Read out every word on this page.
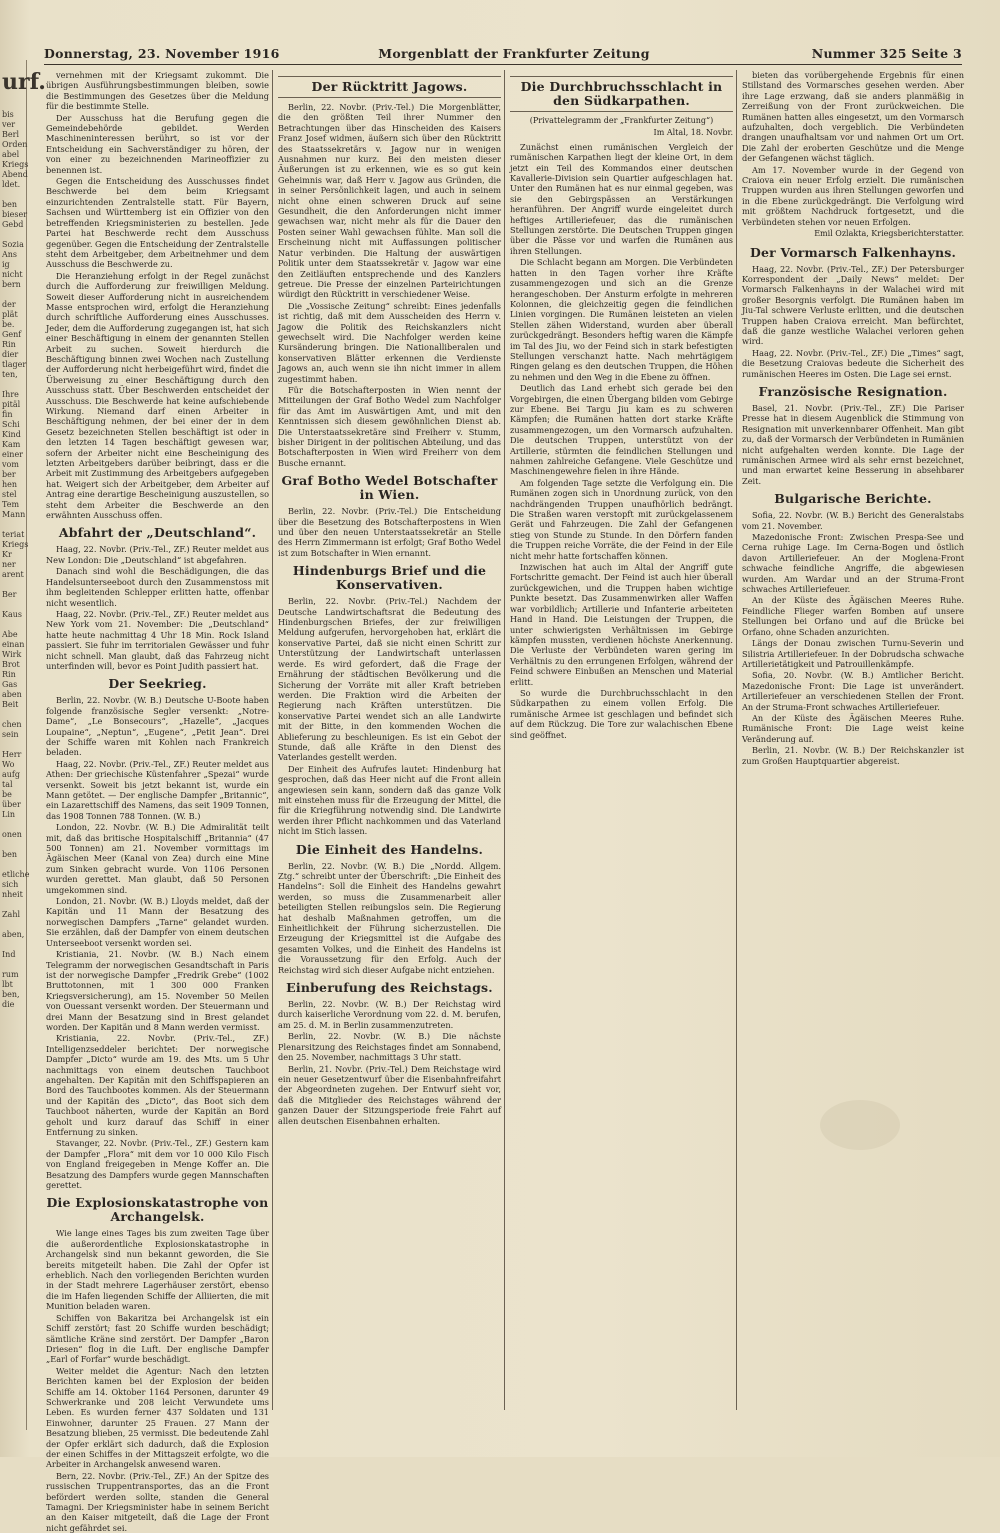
urf.

bis
ver
Berl
Orden
abel
Kriegs
Abend
ldet.

ben
bieser
Gebd

Sozia
Ans
ig
nicht
bern

der
plät
be.
Genf
Rin
dier
tlager
ten,

Ihre
pitäl
fin
Schi
Kind
Kam
einer
vom
ber
hen
stel
Tem
Mann

teriat
Kriegs
Kr
ner
arent

Ber

Kaus

Abe
einan
Wirk
Brot
Rin
Gas
aben
Beit

chen
sein

Herr
Wo
aufg
tal
be
über
Lin

onen

ben

etliche
sich
nheit

Zahl

aben,

Ind

rum
lbt
ben,
die
Donnerstag, 23. November 1916	Morgenblatt der Frankfurter Zeitung	Nummer 325 Seite 3

vernehmen mit der Kriegsamt zukommt. Die übrigen Ausführungsbestimmungen bleiben, sowie die Bestimmungen des Gesetzes über die Meldung für die bestimmte Stelle.

Der Ausschuss hat die Berufung gegen die Gemeindebehörde gebildet. Werden Maschineninteressen berührt, so ist vor der Entscheidung ein Sachverständiger zu hören, der von einer zu bezeichnenden Marineoffizier zu benennen ist.

Gegen die Entscheidung des Ausschusses findet Beschwerde bei dem beim Kriegsamt einzurichtenden Zentralstelle statt. Für Bayern, Sachsen und Württemberg ist ein Offizier von den betreffenden Kriegsministerien zu bestellen. Jede Partei hat Beschwerde recht dem Ausschuss gegenüber. Gegen die Entscheidung der Zentralstelle steht dem Arbeitgeber, dem Arbeitnehmer und dem Ausschuss die Beschwerde zu.

Die Heranziehung erfolgt in der Regel zunächst durch die Aufforderung zur freiwilligen Meldung. Soweit dieser Aufforderung nicht in ausreichendem Masse entsprochen wird, erfolgt die Heranziehung durch schriftliche Aufforderung eines Ausschusses. Jeder, dem die Aufforderung zugegangen ist, hat sich einer Beschäftigung in einem der genannten Stellen Arbeit zu suchen. Soweit hierdurch die Beschäftigung binnen zwei Wochen nach Zustellung der Aufforderung nicht herbeigeführt wird, findet die Überweisung zu einer Beschäftigung durch den Ausschuss statt. Über Beschwerden entscheidet der Ausschuss. Die Beschwerde hat keine aufschiebende Wirkung. Niemand darf einen Arbeiter in Beschäftigung nehmen, der bei einer der in dem Gesetz bezeichneten Stellen beschäftigt ist oder in den letzten 14 Tagen beschäftigt gewesen war, sofern der Arbeiter nicht eine Bescheinigung des letzten Arbeitgebers darüber beibringt, dass er die Arbeit mit Zustimmung des Arbeitgebers aufgegeben hat. Weigert sich der Arbeitgeber, dem Arbeiter auf Antrag eine derartige Bescheinigung auszustellen, so steht dem Arbeiter die Beschwerde an den erwähnten Ausschuss offen.

Abfahrt der „Deutschland“.

Haag, 22. Novbr. (Priv.-Tel., ZF.) Reuter meldet aus New London: Die „Deutschland“ ist abgefahren.

Danach sind wohl die Beschädigungen, die das Handelsunterseeboot durch den Zusammenstoss mit ihm begleitenden Schlepper erlitten hatte, offenbar nicht wesentlich.

Haag, 22. Novbr. (Priv.-Tel., ZF.) Reuter meldet aus New York vom 21. November: Die „Deutschland“ hatte heute nachmittag 4 Uhr 18 Min. Rock Island passiert. Sie fuhr im territorialen Gewässer und fuhr nicht schnell. Man glaubt, daß das Fahrzeug nicht unterfinden will, bevor es Point Judith passiert hat.

Der Seekrieg.

Berlin, 22. Novbr. (W. B.) Deutsche U-Boote haben folgende französische Segler versenkt: „Notre-Dame“, „Le Bonsecours“, „Hazelle“, „Jacques Loupaine“, „Neptun“, „Eugene“, „Petit Jean“. Drei der Schiffe waren mit Kohlen nach Frankreich beladen.

Haag, 22. Novbr. (Priv.-Tel., ZF.) Reuter meldet aus Athen: Der griechische Küstenfahrer „Spezai“ wurde versenkt. Soweit bis jetzt bekannt ist, wurde ein Mann getötet. — Der englische Dampfer „Britannic“, ein Lazarettschiff des Namens, das seit 1909 Tonnen, das 1908 Tonnen 788 Tonnen. (W. B.)

London, 22. Novbr. (W. B.) Die Admiralität teilt mit, daß das britische Hospitalschiff „Britannia“ (47 500 Tonnen) am 21. November vormittags im Ägäischen Meer (Kanal von Zea) durch eine Mine zum Sinken gebracht wurde. Von 1106 Personen wurden gerettet. Man glaubt, daß 50 Personen umgekommen sind.

London, 21. Novbr. (W. B.) Lloyds meldet, daß der Kapitän und 11 Mann der Besatzung des norwegischen Dampfers „Tarne“ gelandet wurden. Sie erzählen, daß der Dampfer von einem deutschen Unterseeboot versenkt worden sei.

Kristiania, 21. Novbr. (W. B.) Nach einem Telegramm der norwegischen Gesandtschaft in Paris ist der norwegische Dampfer „Fredrik Grebe“ (1002 Bruttotonnen, mit 1 300 000 Franken Kriegsversicherung), am 15. November 50 Meilen von Ouessant versenkt worden. Der Steuermann und drei Mann der Besatzung sind in Brest gelandet worden. Der Kapitän und 8 Mann werden vermisst.

Kristiania, 22. Novbr. (Priv.-Tel., ZF.) Intelligenzseddeler berichtet: Der norwegische Dampfer „Dicto“ wurde am 19. des Mts. um 5 Uhr nachmittags von einem deutschen Tauchboot angehalten. Der Kapitän mit den Schiffspapieren an Bord des Tauchbootes kommen. Als der Steuermann und der Kapitän des „Dicto“, das Boot sich dem Tauchboot näherten, wurde der Kapitän an Bord geholt und kurz darauf das Schiff in einer Entfernung zu sinken.

Stavanger, 22. Novbr. (Priv.-Tel., ZF.) Gestern kam der Dampfer „Flora“ mit dem vor 10 000 Kilo Fisch von England freigegeben in Menge Koffer an. Die Besatzung des Dampfers wurde gegen Mannschaften gerettet.

Die Explosionskatastrophe von Archangelsk.

Wie lange eines Tages bis zum zweiten Tage über die außerordentliche Explosionskatastrophe in Archangelsk sind nun bekannt geworden, die Sie bereits mitgeteilt haben. Die Zahl der Opfer ist erheblich. Nach den vorliegenden Berichten wurden in der Stadt mehrere Lagerhäuser zerstört, ebenso die im Hafen liegenden Schiffe der Alliierten, die mit Munition beladen waren.

Schiffen von Bakaritza bei Archangelsk ist ein Schiff zerstört; fast 20 Schiffe wurden beschädigt; sämtliche Kräne sind zerstört. Der Dampfer „Baron Driesen“ flog in die Luft. Der englische Dampfer „Earl of Forfar“ wurde beschädigt.

Weiter meldet die Agentur: Nach den letzten Berichten kamen bei der Explosion der beiden Schiffe am 14. Oktober 1164 Personen, darunter 49 Schwerkranke und 208 leicht Verwundete ums Leben. Es wurden ferner 437 Soldaten und 131 Einwohner, darunter 25 Frauen. 27 Mann der Besatzung blieben, 25 vermisst. Die bedeutende Zahl der Opfer erklärt sich dadurch, daß die Explosion der einen Schiffes in der Mittagszeit erfolgte, wo die Arbeiter in Archangelsk anwesend waren.

Bern, 22. Novbr. (Priv.-Tel., ZF.) An der Spitze des russischen Truppentransportes, das an die Front befördert werden sollte, standen die General Tamagni. Der Kriegsminister habe in seinem Bericht an den Kaiser mitgeteilt, daß die Lage der Front nicht gefährdet sei.

Der Rücktritt Jagows.

Berlin, 22. Novbr. (Priv.-Tel.) Die Morgenblätter, die den größten Teil ihrer Nummer den Betrachtungen über das Hinscheiden des Kaisers Franz Josef widmen, äußern sich über den Rücktritt des Staatssekretärs v. Jagow nur in wenigen Ausnahmen nur kurz. Bei den meisten dieser Äußerungen ist zu erkennen, wie es so gut kein Geheimnis war, daß Herr v. Jagow aus Gründen, die in seiner Persönlichkeit lagen, und auch in seinem nicht ohne einen schweren Druck auf seine Gesundheit, die den Anforderungen nicht immer gewachsen war, nicht mehr als für die Dauer den Posten seiner Wahl gewachsen fühlte. Man soll die Erscheinung nicht mit Auffassungen politischer Natur verbinden. Die Haltung der auswärtigen Politik unter dem Staatssekretär v. Jagow war eine den Zeitläuften entsprechende und des Kanzlers getreue. Die Presse der einzelnen Parteirichtungen würdigt den Rücktritt in verschiedener Weise.

Die „Vossische Zeitung“ schreibt: Eines jedenfalls ist richtig, daß mit dem Ausscheiden des Herrn v. Jagow die Politik des Reichskanzlers nicht gewechselt wird. Die Nachfolger werden keine Kursänderung bringen. Die Nationalliberalen und konservativen Blätter erkennen die Verdienste Jagows an, auch wenn sie ihn nicht immer in allem zugestimmt haben.

Für die Botschafterposten in Wien nennt der Mitteilungen der Graf Botho Wedel zum Nachfolger für das Amt im Auswärtigen Amt, und mit den Kenntnissen sich diesem gewöhnlichen Dienst ab. Die Unterstaatssekretäre sind Freiherr v. Stumm, bisher Dirigent in der politischen Abteilung, und das Botschafterposten in Wien wird Freiherr von dem Busche ernannt.

Graf Botho Wedel Botschafter in Wien.

Berlin, 22. Novbr. (Priv.-Tel.) Die Entscheidung über die Besetzung des Botschafterpostens in Wien und über den neuen Unterstaatssekretär an Stelle des Herrn Zimmermann ist erfolgt; Graf Botho Wedel ist zum Botschafter in Wien ernannt.

Hindenburgs Brief und die Konservativen.

Berlin, 22. Novbr. (Priv.-Tel.) Nachdem der Deutsche Landwirtschaftsrat die Bedeutung des Hindenburgschen Briefes, der zur freiwilligen Meldung aufgerufen, hervorgehoben hat, erklärt die konservative Partei, daß sie nicht einen Schritt zur Unterstützung der Landwirtschaft unterlassen werde. Es wird gefordert, daß die Frage der Ernährung der städtischen Bevölkerung und die Sicherung der Vorräte mit aller Kraft betrieben werden. Die Fraktion wird die Arbeiten der Regierung nach Kräften unterstützen. Die konservative Partei wendet sich an alle Landwirte mit der Bitte, in den kommenden Wochen die Ablieferung zu beschleunigen. Es ist ein Gebot der Stunde, daß alle Kräfte in den Dienst des Vaterlandes gestellt werden.

Der Einheit des Aufrufes lautet: Hindenburg hat gesprochen, daß das Heer nicht auf die Front allein angewiesen sein kann, sondern daß das ganze Volk mit einstehen muss für die Erzeugung der Mittel, die für die Kriegführung notwendig sind. Die Landwirte werden ihrer Pflicht nachkommen und das Vaterland nicht im Stich lassen.

Die Einheit des Handelns.

Berlin, 22. Novbr. (W. B.) Die „Nordd. Allgem. Ztg.“ schreibt unter der Überschrift: „Die Einheit des Handelns“: Soll die Einheit des Handelns gewahrt werden, so muss die Zusammenarbeit aller beteiligten Stellen reibungslos sein. Die Regierung hat deshalb Maßnahmen getroffen, um die Einheitlichkeit der Führung sicherzustellen. Die Erzeugung der Kriegsmittel ist die Aufgabe des gesamten Volkes, und die Einheit des Handelns ist die Voraussetzung für den Erfolg. Auch der Reichstag wird sich dieser Aufgabe nicht entziehen.

Einberufung des Reichstags.

Berlin, 22. Novbr. (W. B.) Der Reichstag wird durch kaiserliche Verordnung vom 22. d. M. berufen, am 25. d. M. in Berlin zusammenzutreten.

Berlin, 22. Novbr. (W. B.) Die nächste Plenarsitzung des Reichstages findet am Sonnabend, den 25. November, nachmittags 3 Uhr statt.

Berlin, 21. Novbr. (Priv.-Tel.) Dem Reichstage wird ein neuer Gesetzentwurf über die Eisenbahnfreifahrt der Abgeordneten zugehen. Der Entwurf sieht vor, daß die Mitglieder des Reichstages während der ganzen Dauer der Sitzungsperiode freie Fahrt auf allen deutschen Eisenbahnen erhalten.

Die Durchbruchsschlacht in den Südkarpathen.
(Privattelegramm der „Frankfurter Zeitung“)
Im Altal, 18. Novbr.

Zunächst einen rumänischen Vergleich der rumänischen Karpathen liegt der kleine Ort, in dem jetzt ein Teil des Kommandos einer deutschen Kavallerie-Division sein Quartier aufgeschlagen hat. Unter den Rumänen hat es nur einmal gegeben, was sie den Gebirgspässen an Verstärkungen heranführen. Der Angriff wurde eingeleitet durch heftiges Artilleriefeuer, das die rumänischen Stellungen zerstörte. Die Deutschen Truppen gingen über die Pässe vor und warfen die Rumänen aus ihren Stellungen.

Die Schlacht begann am Morgen. Die Verbündeten hatten in den Tagen vorher ihre Kräfte zusammengezogen und sich an die Grenze herangeschoben. Der Ansturm erfolgte in mehreren Kolonnen, die gleichzeitig gegen die feindlichen Linien vorgingen. Die Rumänen leisteten an vielen Stellen zähen Widerstand, wurden aber überall zurückgedrängt. Besonders heftig waren die Kämpfe im Tal des Jiu, wo der Feind sich in stark befestigten Stellungen verschanzt hatte. Nach mehrtägigem Ringen gelang es den deutschen Truppen, die Höhen zu nehmen und den Weg in die Ebene zu öffnen.

Deutlich das Land erhebt sich gerade bei den Vorgebirgen, die einen Übergang bilden vom Gebirge zur Ebene. Bei Targu Jiu kam es zu schweren Kämpfen; die Rumänen hatten dort starke Kräfte zusammengezogen, um den Vormarsch aufzuhalten. Die deutschen Truppen, unterstützt von der Artillerie, stürmten die feindlichen Stellungen und nahmen zahlreiche Gefangene. Viele Geschütze und Maschinengewehre fielen in ihre Hände.

Am folgenden Tage setzte die Verfolgung ein. Die Rumänen zogen sich in Unordnung zurück, von den nachdrängenden Truppen unaufhörlich bedrängt. Die Straßen waren verstopft mit zurückgelassenem Gerät und Fahrzeugen. Die Zahl der Gefangenen stieg von Stunde zu Stunde. In den Dörfern fanden die Truppen reiche Vorräte, die der Feind in der Eile nicht mehr hatte fortschaffen können.

Inzwischen hat auch im Altal der Angriff gute Fortschritte gemacht. Der Feind ist auch hier überall zurückgewichen, und die Truppen haben wichtige Punkte besetzt. Das Zusammenwirken aller Waffen war vorbildlich; Artillerie und Infanterie arbeiteten Hand in Hand. Die Leistungen der Truppen, die unter schwierigsten Verhältnissen im Gebirge kämpfen mussten, verdienen höchste Anerkennung. Die Verluste der Verbündeten waren gering im Verhältnis zu den errungenen Erfolgen, während der Feind schwere Einbußen an Menschen und Material erlitt.

So wurde die Durchbruchsschlacht in den Südkarpathen zu einem vollen Erfolg. Die rumänische Armee ist geschlagen und befindet sich auf dem Rückzug. Die Tore zur walachischen Ebene sind geöffnet.

bieten das vorübergehende Ergebnis für einen Stillstand des Vormarsches gesehen werden. Aber ihre Lage erzwang, daß sie anders planmäßig in Zerreißung von der Front zurückweichen. Die Rumänen hatten alles eingesetzt, um den Vormarsch aufzuhalten, doch vergeblich. Die Verbündeten drangen unaufhaltsam vor und nahmen Ort um Ort. Die Zahl der eroberten Geschütze und die Menge der Gefangenen wächst täglich.

Am 17. November wurde in der Gegend von Craiova ein neuer Erfolg erzielt. Die rumänischen Truppen wurden aus ihren Stellungen geworfen und in die Ebene zurückgedrängt. Die Verfolgung wird mit größtem Nachdruck fortgesetzt, und die Verbündeten stehen vor neuen Erfolgen.

Emil Ozlakta, Kriegsberichterstatter.
Der Vormarsch Falkenhayns.

Haag, 22. Novbr. (Priv.-Tel., ZF.) Der Petersburger Korrespondent der „Daily News“ meldet: Der Vormarsch Falkenhayns in der Walachei wird mit großer Besorgnis verfolgt. Die Rumänen haben im Jiu-Tal schwere Verluste erlitten, und die deutschen Truppen haben Craiova erreicht. Man befürchtet, daß die ganze westliche Walachei verloren gehen wird.

Haag, 22. Novbr. (Priv.-Tel., ZF.) Die „Times“ sagt, die Besetzung Craiovas bedeute die Sicherheit des rumänischen Heeres im Osten. Die Lage sei ernst.

Französische Resignation.

Basel, 21. Novbr. (Priv.-Tel., ZF.) Die Pariser Presse hat in diesem Augenblick die Stimmung von Resignation mit unverkennbarer Offenheit. Man gibt zu, daß der Vormarsch der Verbündeten in Rumänien nicht aufgehalten werden konnte. Die Lage der rumänischen Armee wird als sehr ernst bezeichnet, und man erwartet keine Besserung in absehbarer Zeit.

Bulgarische Berichte.

Sofia, 22. Novbr. (W. B.) Bericht des Generalstabs vom 21. November.

Mazedonische Front: Zwischen Prespa-See und Cerna ruhige Lage. Im Cerna-Bogen und östlich davon Artilleriefeuer. An der Moglena-Front schwache feindliche Angriffe, die abgewiesen wurden. Am Wardar und an der Struma-Front schwaches Artilleriefeuer.

An der Küste des Ägäischen Meeres Ruhe. Feindliche Flieger warfen Bomben auf unsere Stellungen bei Orfano und auf die Brücke bei Orfano, ohne Schaden anzurichten.

Längs der Donau zwischen Turnu-Severin und Silistria Artilleriefeuer. In der Dobrudscha schwache Artillerietätigkeit und Patrouillenkämpfe.

Sofia, 20. Novbr. (W. B.) Amtlicher Bericht. Mazedonische Front: Die Lage ist unverändert. Artilleriefeuer an verschiedenen Stellen der Front. An der Struma-Front schwaches Artilleriefeuer.

An der Küste des Ägäischen Meeres Ruhe. Rumänische Front: Die Lage weist keine Veränderung auf.

Berlin, 21. Novbr. (W. B.) Der Reichskanzler ist zum Großen Hauptquartier abgereist.
